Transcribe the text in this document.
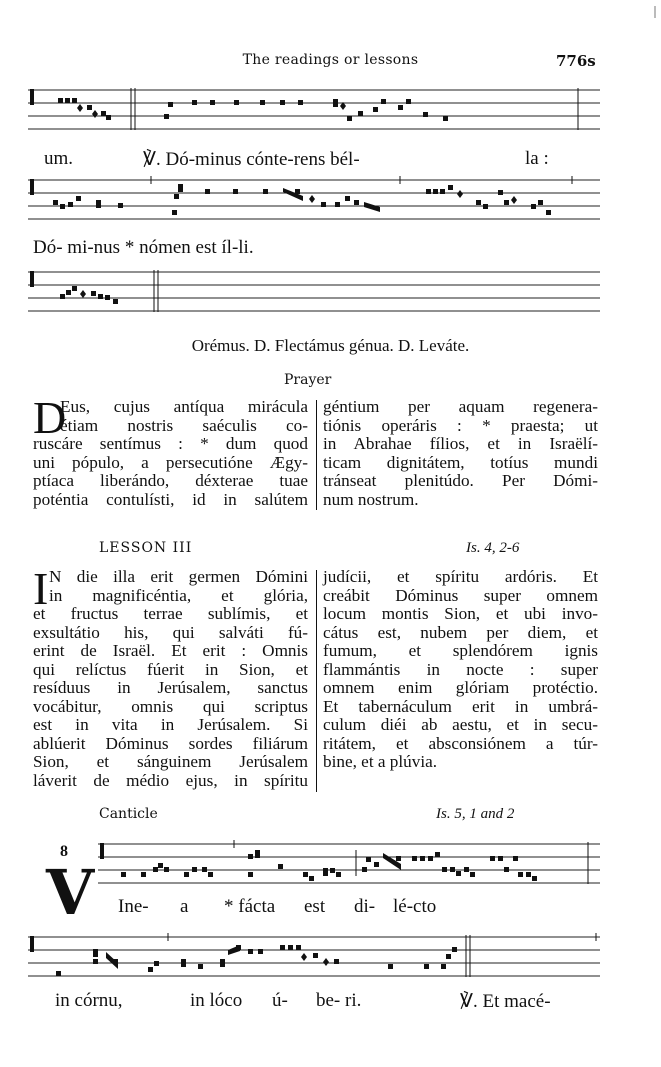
The readings or lessons	776s
um.	℣. Dó-minus cónte-rens bél-	la :
Dó- mi-nus * nómen est íl-li.
Orémus. D. Flectámus génua. D. Leváte.
Prayer
D
Eus, cujus antíqua mirácula
étiam nostris saéculis co-
ruscáre sentímus : * dum quod
uni pópulo, a persecutióne Ægy-
ptíaca liberándo, déxterae tuae
poténtia contulísti, id in salútem
géntium per aquam regenera-
tiónis operáris : * praesta; ut
in Abrahae fílios, et in Israëlí-
ticam dignitátem, totíus mundi
tránseat plenitúdo. Per Dómi-
num nostrum.
LESSON III	Is. 4, 2-6
I N die illa erit germen Dómini
in magnificéntia, et glória,
et fructus terrae sublímis, et
exsultátio his, qui salváti fú-
erint de Israël. Et erit : Omnis
qui relíctus fúerit in Sion, et
resíduus in Jerúsalem, sanctus
vocábitur, omnis qui scriptus
est in vita in Jerúsalem. Si
ablúerit Dóminus sordes filiárum
Sion, et sánguinem Jerúsalem
láverit de médio ejus, in spíritu
judícii, et spíritu ardóris. Et
creábit Dóminus super omnem
locum montis Sion, et ubi invo-
cátus est, nubem per diem, et
fumum, et splendórem ignis
flammántis in nocte : super
omnem enim glóriam protéctio.
Et tabernáculum erit in umbrá-
culum diéi ab aestu, et in secu-
ritátem, et absconsiónem a túr-
bine, et a plúvia.
Canticle	Is. 5, 1 and 2
8
V Ine- a * fácta est di- lé-cto
in córnu,	in lóco ú- be- ri.	℣. Et macé-
